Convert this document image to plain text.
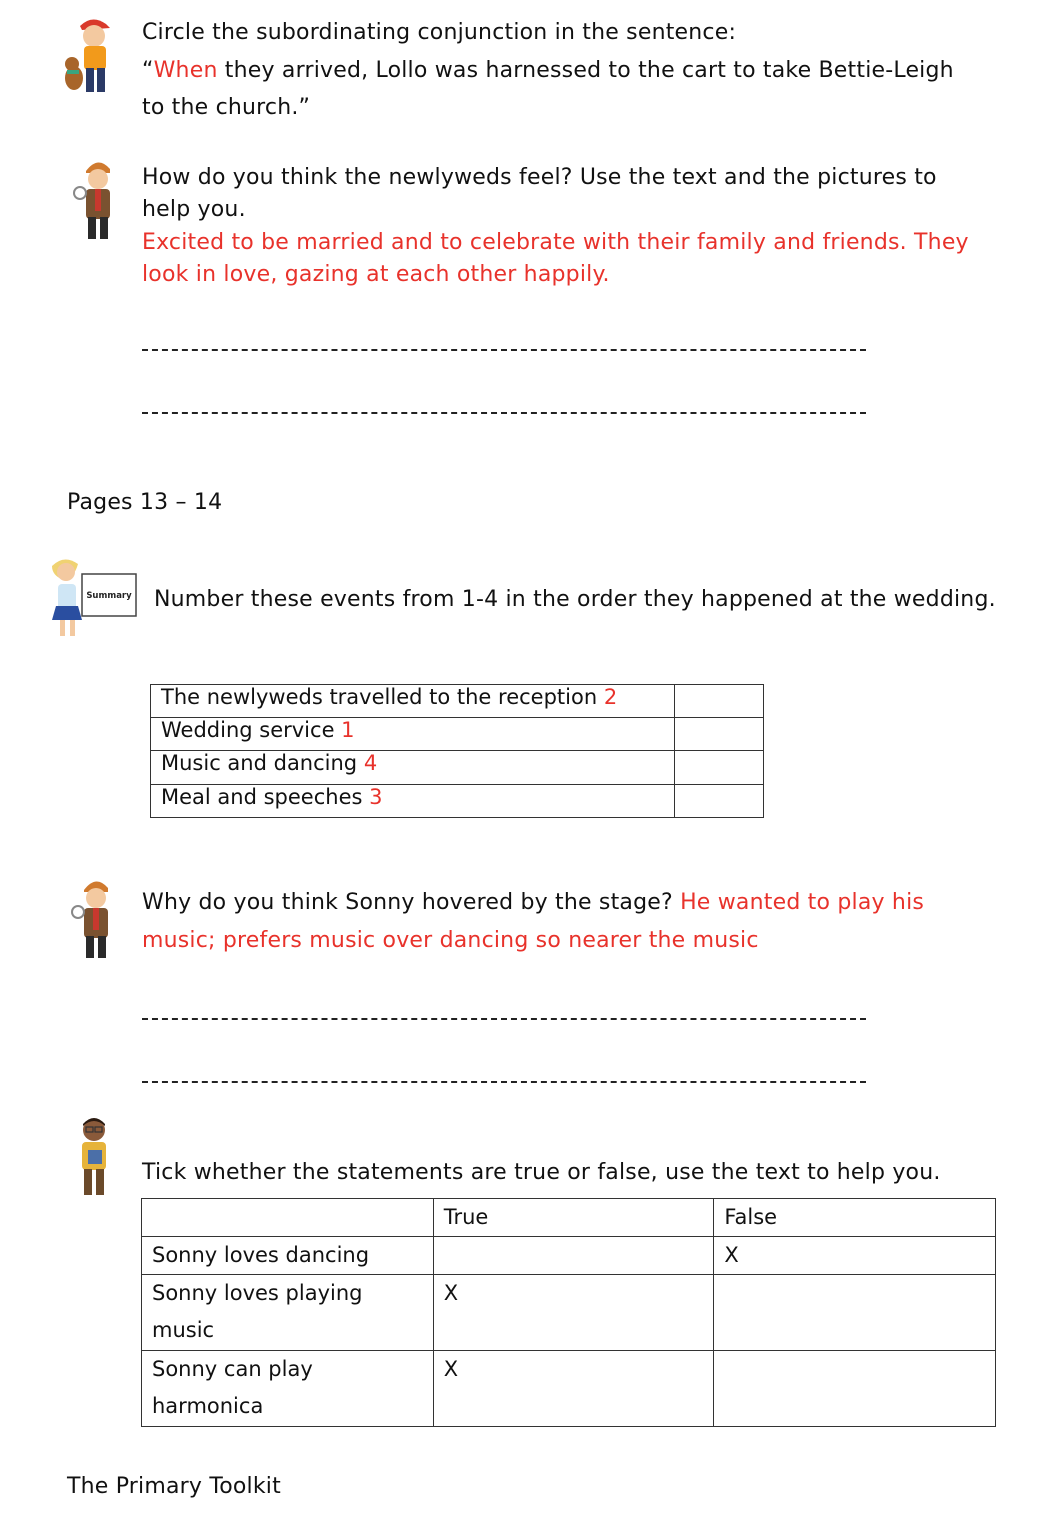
Circle the subordinating conjunction in the sentence:
“When they arrived, Lollo was harnessed to the cart to take Bettie-Leigh
to the church.”
How do you think the newlyweds feel? Use the text and the pictures to
help you.
Excited to be married and to celebrate with their family and friends. They
look in love, gazing at each other happily.
Pages 13 – 14
Summary Number these events from 1-4 in the order they happened at the wedding.
The newlyweds travelled to the reception 2	
Wedding service 1	
Music and dancing 4	
Meal and speeches 3	
Why do you think Sonny hovered by the stage? He wanted to play his
music; prefers music over dancing so nearer the music
Tick whether the statements are true or false, use the text to help you.
	True	False
Sonny loves dancing		X
Sonny loves playing
music	X	
Sonny can play
harmonica	X	
The Primary Toolkit
